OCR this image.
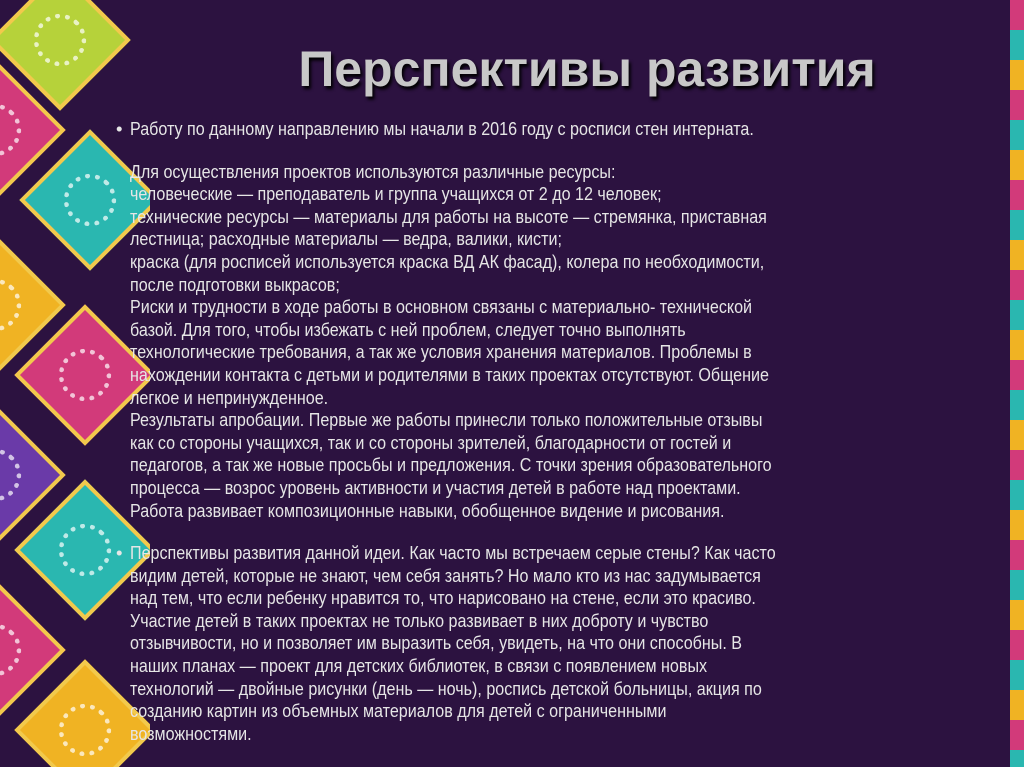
Перспективы развития
• Работу по данному направлению мы начали в 2016 году с росписи стен интерната.
Для осуществления проектов используются различные ресурсы:
человеческие — преподаватель и группа учащихся от 2 до 12 человек;
технические ресурсы — материалы для работы на высоте — стремянка, приставная
лестница; расходные материалы — ведра, валики, кисти;
краска (для росписей используется краска ВД АК фасад), колера по необходимости,
после подготовки выкрасов;
Риски и трудности в ходе работы в основном связаны с материально- технической
базой. Для того, чтобы избежать с ней проблем, следует точно выполнять
технологические требования, а так же условия хранения материалов. Проблемы в
нахождении контакта с детьми и родителями в таких проектах отсутствуют. Общение
легкое и непринужденное.
Результаты апробации. Первые же работы принесли только положительные отзывы
как со стороны учащихся, так и со стороны зрителей, благодарности от гостей и
педагогов, а так же новые просьбы и предложения. С точки зрения образовательного
процесса — возрос уровень активности и участия детей в работе над проектами.
Работа развивает композиционные навыки, обобщенное видение и рисования.
• Перспективы развития данной идеи. Как часто мы встречаем серые стены? Как часто
видим детей, которые не знают, чем себя занять? Но мало кто из нас задумывается
над тем, что если ребенку нравится то, что нарисовано на стене, если это красиво.
Участие детей в таких проектах не только развивает в них доброту и чувство
отзывчивости, но и позволяет им выразить себя, увидеть, на что они способны. В
наших планах — проект для детских библиотек, в связи с появлением новых
технологий — двойные рисунки (день — ночь), роспись детской больницы, акция по
созданию картин из объемных материалов для детей с ограниченными
возможностями.
